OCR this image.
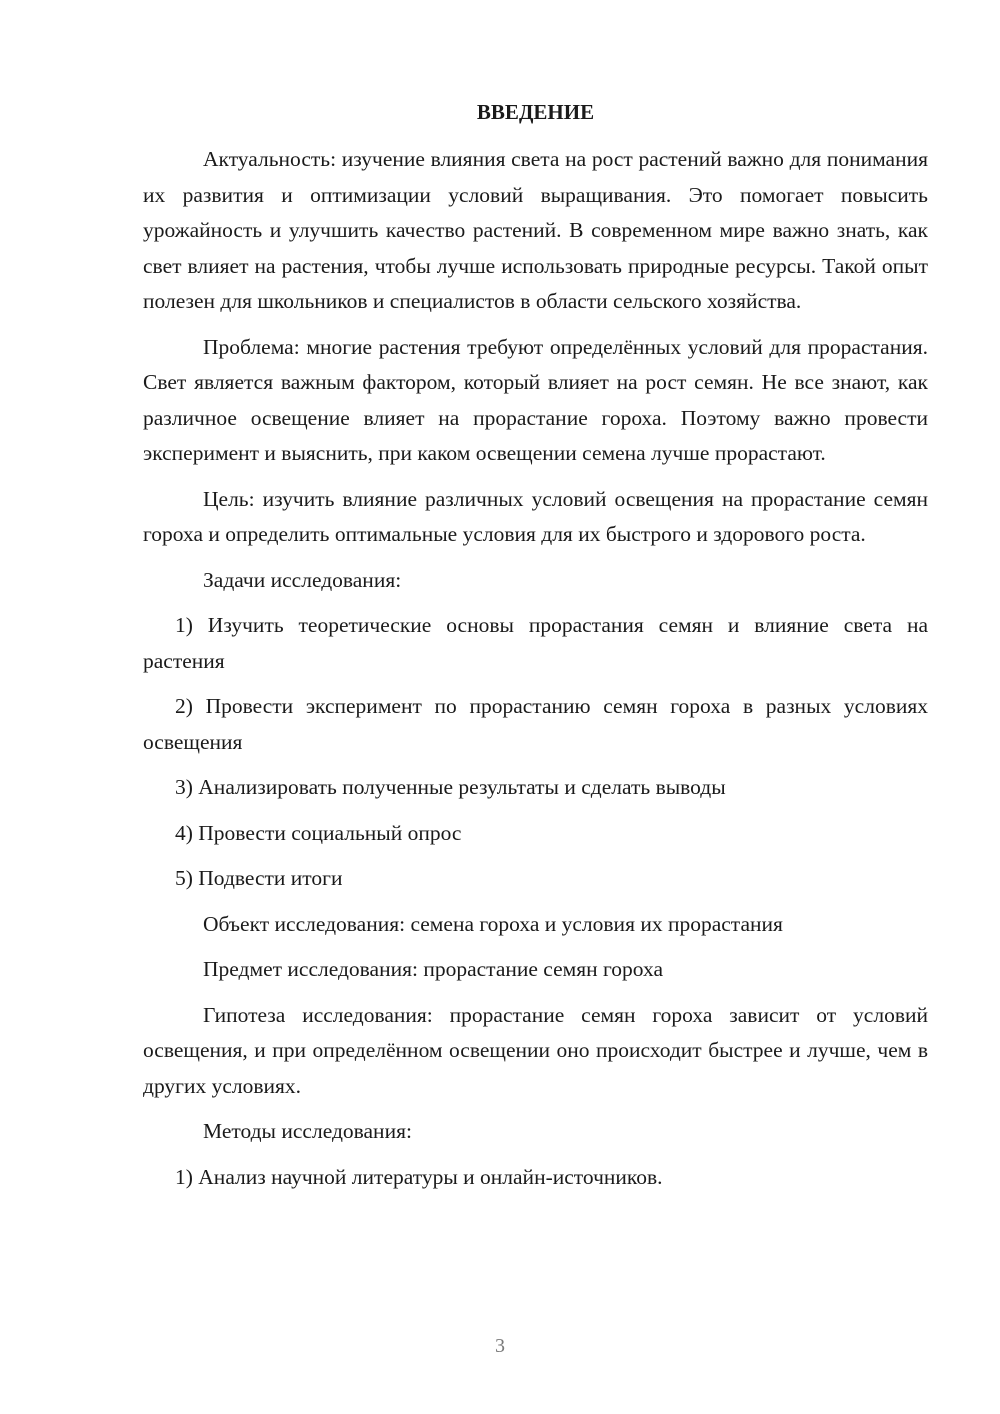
ВВЕДЕНИЕ

Актуальность: изучение влияния света на рост растений важно для понимания их развития и оптимизации условий выращивания. Это помогает повысить урожайность и улучшить качество растений. В современном мире важно знать, как свет влияет на растения, чтобы лучше использовать природные ресурсы. Такой опыт полезен для школьников и специалистов в области сельского хозяйства.

Проблема: многие растения требуют определённых условий для прорастания. Свет является важным фактором, который влияет на рост семян. Не все знают, как различное освещение влияет на прорастание гороха. Поэтому важно провести эксперимент и выяснить, при каком освещении семена лучше прорастают.

Цель: изучить влияние различных условий освещения на прорастание семян гороха и определить оптимальные условия для их быстрого и здорового роста.

Задачи исследования:

1) Изучить теоретические основы прорастания семян и влияние света на растения

2) Провести эксперимент по прорастанию семян гороха в разных условиях освещения

3) Анализировать полученные результаты и сделать выводы

4) Провести социальный опрос

5) Подвести итоги

Объект исследования: семена гороха и условия их прорастания

Предмет исследования: прорастание семян гороха

Гипотеза исследования: прорастание семян гороха зависит от условий освещения, и при определённом освещении оно происходит быстрее и лучше, чем в других условиях.

Методы исследования:

1) Анализ научной литературы и онлайн-источников.

3
